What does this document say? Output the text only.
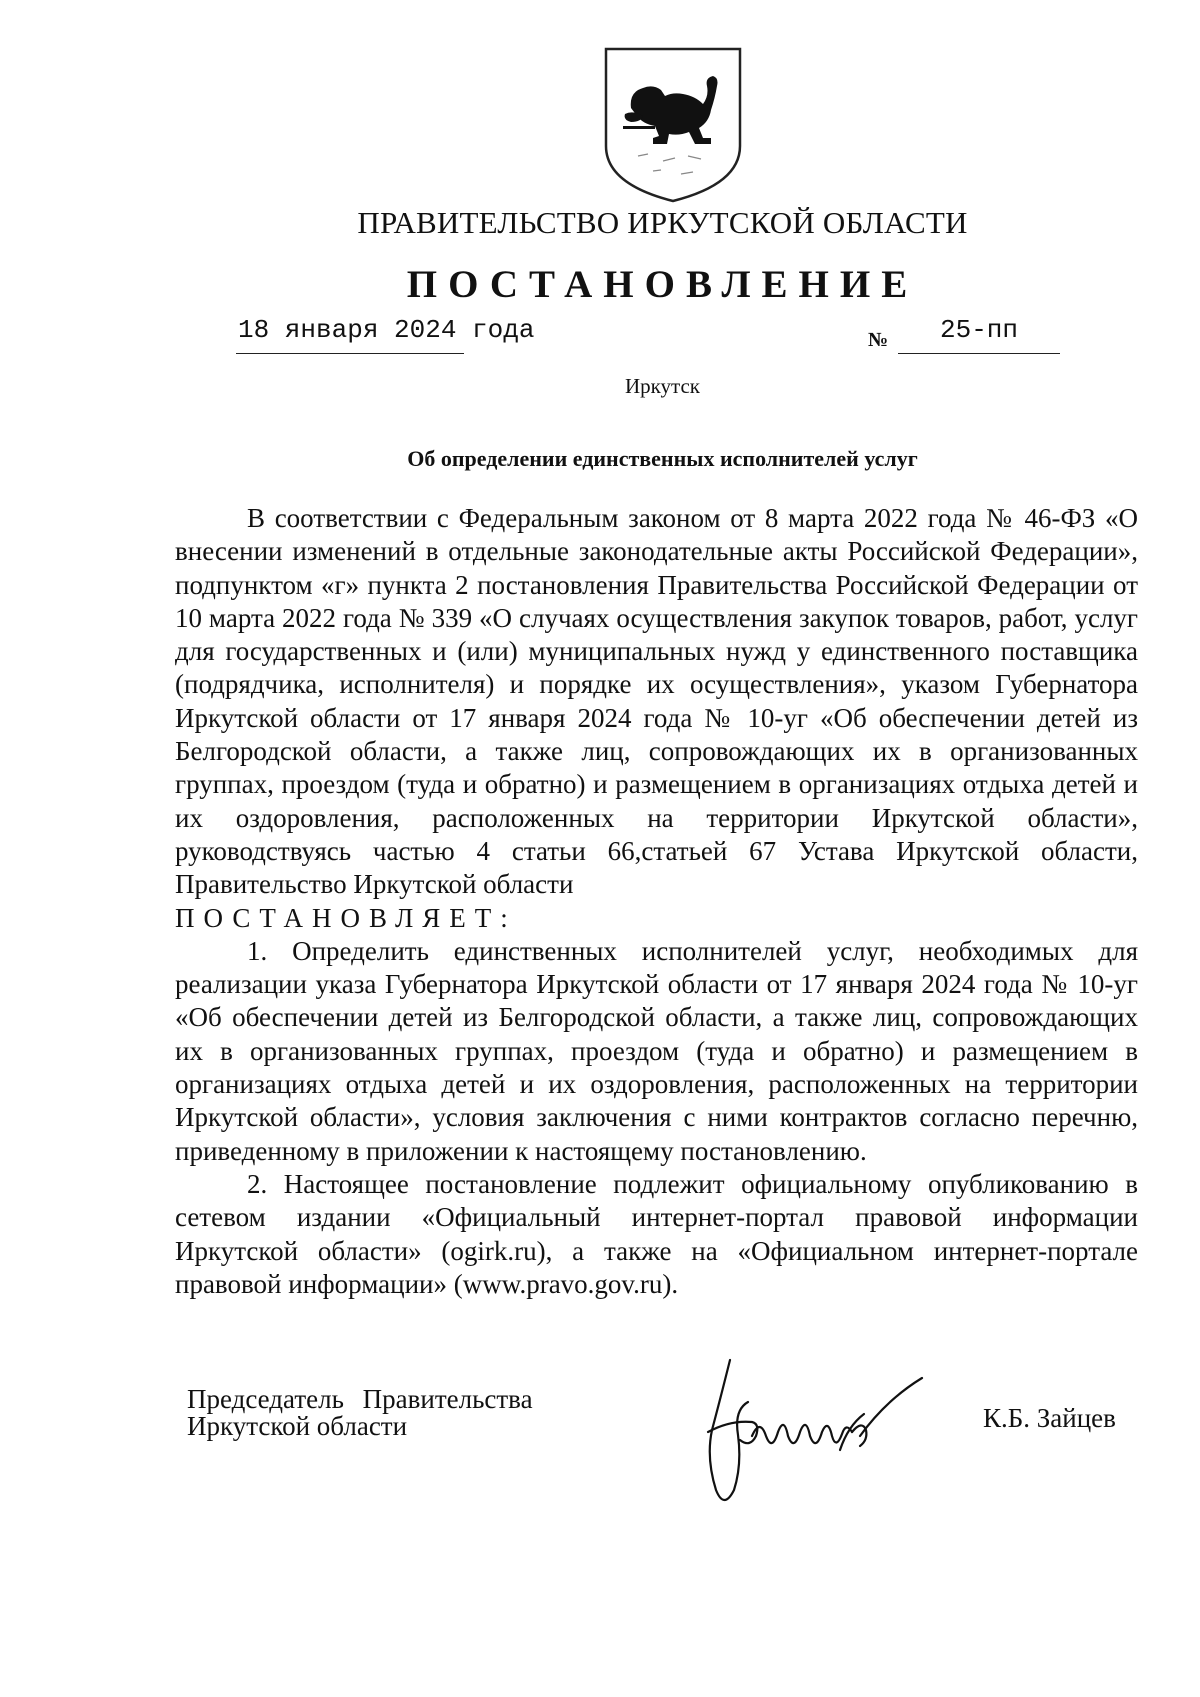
ПРАВИТЕЛЬСТВО ИРКУТСКОЙ ОБЛАСТИ
ПОСТАНОВЛЕНИЕ
18 января 2024 года	№ 25-пп
Иркутск
Об определении единственных исполнителей услуг

В соответствии с Федеральным законом от 8 марта 2022 года № 46-ФЗ «О внесении изменений в отдельные законодательные акты Российской Федерации», подпунктом «г» пункта 2 постановления Правительства Российской Федерации от 10 марта 2022 года № 339 «О случаях осуществления закупок товаров, работ, услуг для государственных и (или) муниципальных нужд у единственного поставщика (подрядчика, исполнителя) и порядке их осуществления», указом Губернатора Иркутской области от 17 января 2024 года № 10-уг «Об обеспечении детей из Белгородской области, а также лиц, сопровождающих их в организованных группах, проездом (туда и обратно) и размещением в организациях отдыха детей и их оздоровления, расположенных на территории Иркутской области», руководствуясь частью 4 статьи 66,статьей 67 Устава Иркутской области, Правительство Иркутской области

ПОСТАНОВЛЯЕТ:

1. Определить единственных исполнителей услуг, необходимых для реализации указа Губернатора Иркутской области от 17 января 2024 года № 10-уг «Об обеспечении детей из Белгородской области, а также лиц, сопровождающих их в организованных группах, проездом (туда и обратно) и размещением в организациях отдыха детей и их оздоровления, расположенных на территории Иркутской области», условия заключения с ними контрактов согласно перечню, приведенному в приложении к настоящему постановлению.

2. Настоящее постановление подлежит официальному опубликованию в сетевом издании «Официальный интернет-портал правовой информации Иркутской области» (ogirk.ru), а также на «Официальном интернет-портале правовой информации» (www.pravo.gov.ru).

Председатель Правительства
Иркутской области	К.Б. Зайцев
